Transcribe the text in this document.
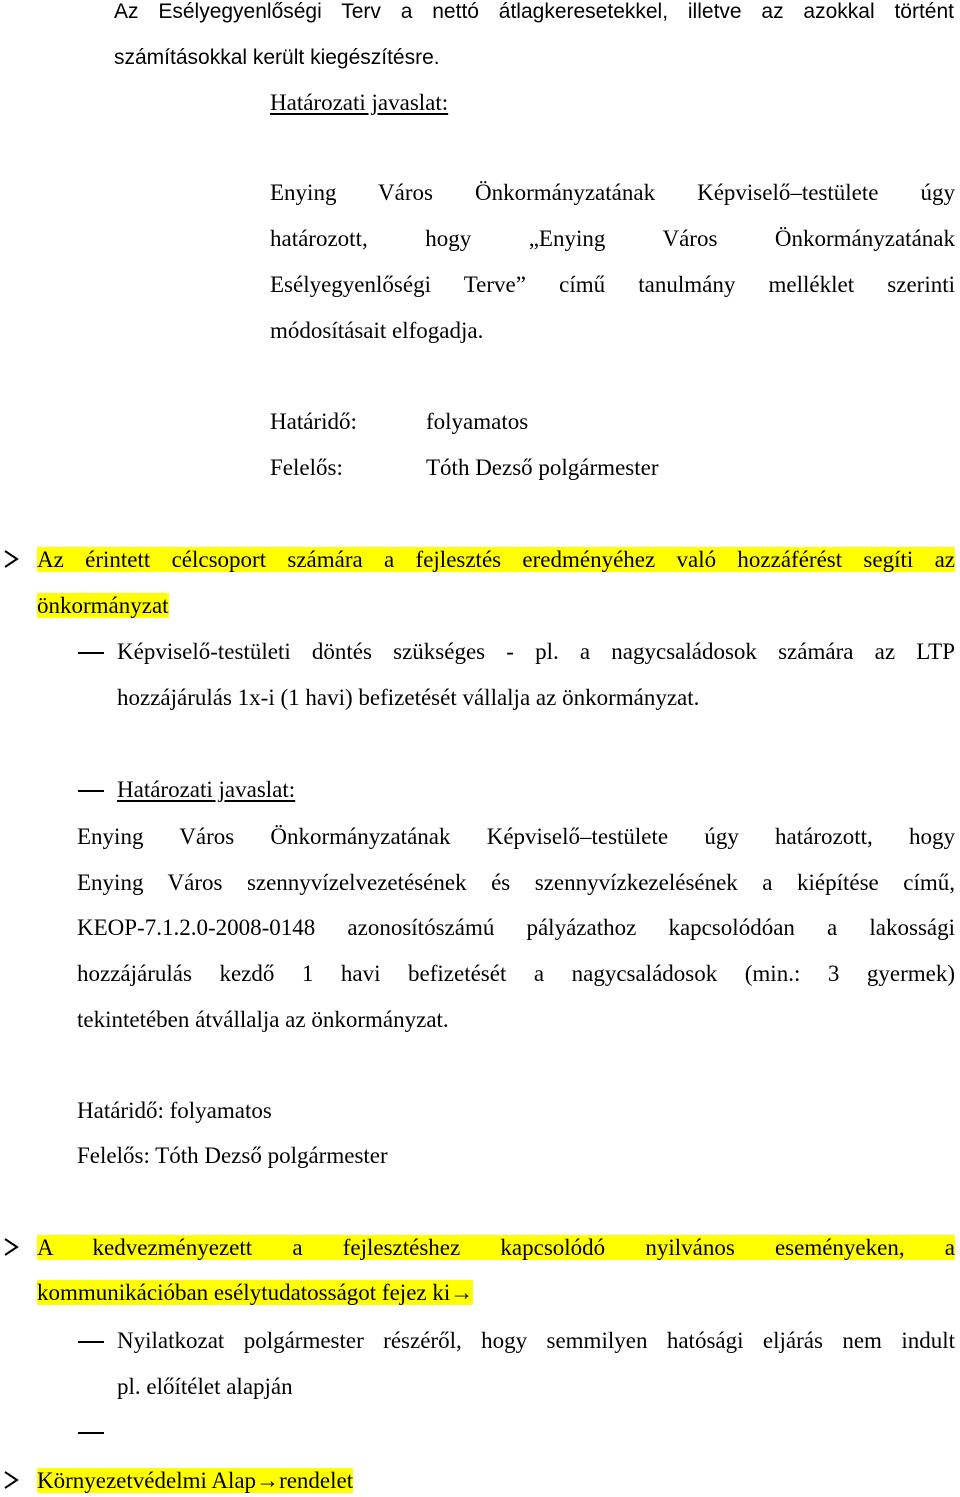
Az Esélyegyenlőségi Terv a nettó átlagkeresetekkel, illetve az azokkal történt

számításokkal került kiegészítésre.

Határozati javaslat:

Enying Város Önkormányzatának Képviselő–testülete úgy

határozott, hogy „Enying Város Önkormányzatának

Esélyegyenlőségi Terve” című tanulmány melléklet szerinti

módosításait elfogadja.

Határidő:	folyamatos

Felelős:	Tóth Dezső polgármester

Az érintett célcsoport számára a fejlesztés eredményéhez való hozzáférést segíti az

önkormányzat

Képviselő-testületi döntés szükséges - pl. a nagycsaládosok számára az LTP

hozzájárulás 1x-i (1 havi) befizetését vállalja az önkormányzat.

Határozati javaslat:

Enying Város Önkormányzatának Képviselő–testülete úgy határozott, hogy

Enying Város szennyvízelvezetésének és szennyvízkezelésének a kiépítése című,

KEOP-7.1.2.0-2008-0148 azonosítószámú pályázathoz kapcsolódóan a lakossági

hozzájárulás kezdő 1 havi befizetését a nagycsaládosok (min.: 3 gyermek)

tekintetében átvállalja az önkormányzat.

Határidő: folyamatos

Felelős: Tóth Dezső polgármester

A kedvezményezett a fejlesztéshez kapcsolódó nyilvános eseményeken, a

kommunikációban esélytudatosságot fejez ki→

Nyilatkozat polgármester részéről, hogy semmilyen hatósági eljárás nem indult

pl. előítélet alapján

Környezetvédelmi Alap→rendelet
